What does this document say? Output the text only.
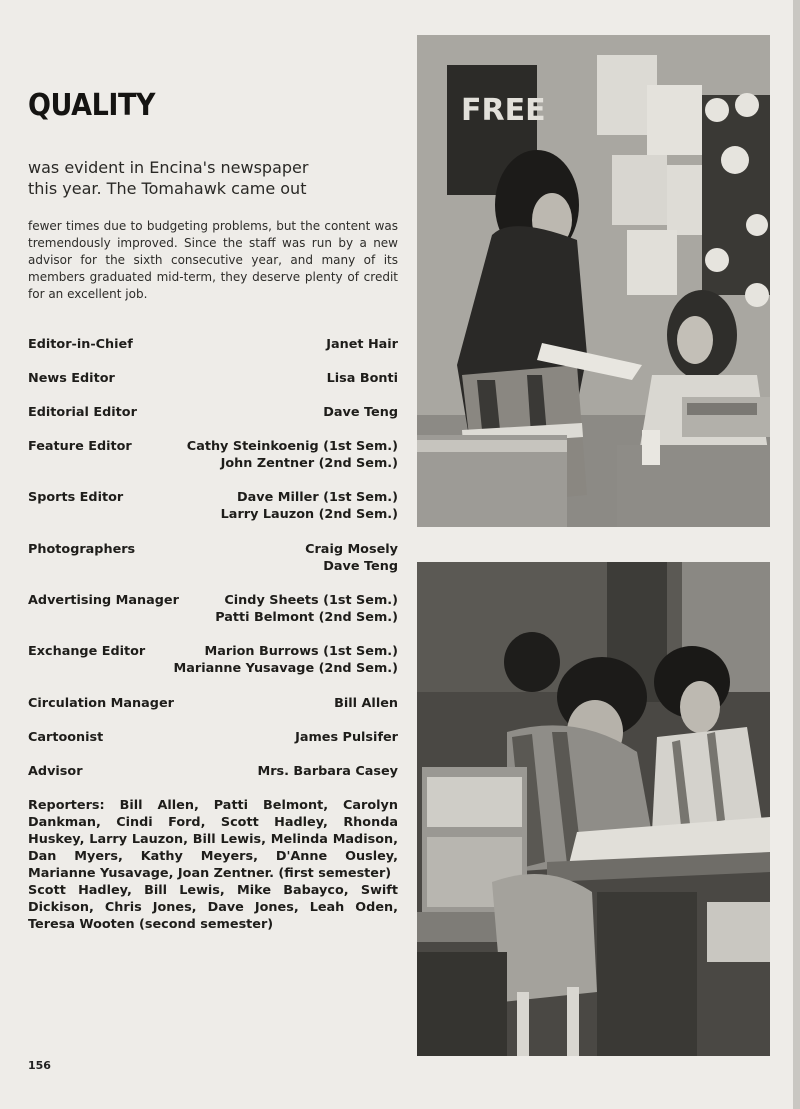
QUALITY
was evident in Encina's newspaper
this year. The Tomahawk came out
fewer times due to budgeting problems, but the content was tremendously improved. Since the staff was run by a new advisor for the sixth consecutive year, and many of its members graduated mid-term, they deserve plenty of credit for an excellent job.
Editor-in-Chief	Janet Hair
News Editor	Lisa Bonti
Editorial Editor	Dave Teng
Feature Editor	Cathy Steinkoenig (1st Sem.)
John Zentner (2nd Sem.)
Sports Editor	Dave Miller (1st Sem.)
Larry Lauzon (2nd Sem.)
Photographers	Craig Mosely
Dave Teng
Advertising Manager	Cindy Sheets (1st Sem.)
Patti Belmont (2nd Sem.)
Exchange Editor	Marion Burrows (1st Sem.)
Marianne Yusavage (2nd Sem.)
Circulation Manager	Bill Allen
Cartoonist	James Pulsifer
Advisor	Mrs. Barbara Casey
Reporters: Bill Allen, Patti Belmont, Carolyn Dankman, Cindi Ford, Scott Hadley, Rhonda Huskey, Larry Lauzon, Bill Lewis, Melinda Madison, Dan Myers, Kathy Meyers, D'Anne Ousley, Marianne Yusavage, Joan Zentner. (first semester)
Scott Hadley, Bill Lewis, Mike Babayco, Swift Dickison, Chris Jones, Dave Jones, Leah Oden, Teresa Wooten (second semester)
156
FREE
